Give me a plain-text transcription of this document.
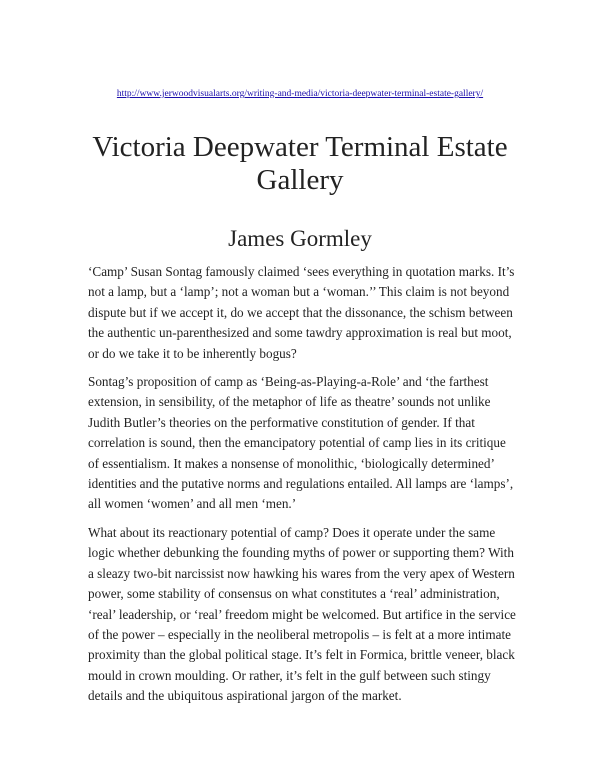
http://www.jerwoodvisualarts.org/writing-and-media/victoria-deepwater-terminal-estate-gallery/
Victoria Deepwater Terminal Estate Gallery
James Gormley

‘Camp’ Susan Sontag famously claimed ‘sees everything in quotation marks. It’s not a lamp, but a ‘lamp’; not a woman but a ‘woman.’’ This claim is not beyond dispute but if we accept it, do we accept that the dissonance, the schism between the authentic un-parenthesized and some tawdry approximation is real but moot, or do we take it to be inherently bogus?

Sontag’s proposition of camp as ‘Being-as-Playing-a-Role’ and ‘the farthest extension, in sensibility, of the metaphor of life as theatre’ sounds not unlike Judith Butler’s theories on the performative constitution of gender. If that correlation is sound, then the emancipatory potential of camp lies in its critique of essentialism. It makes a nonsense of monolithic, ‘biologically determined’ identities and the putative norms and regulations entailed. All lamps are ‘lamps’, all women ‘women’ and all men ‘men.’

What about its reactionary potential of camp? Does it operate under the same logic whether debunking the founding myths of power or supporting them? With a sleazy two-bit narcissist now hawking his wares from the very apex of Western power, some stability of consensus on what constitutes a ‘real’ administration, ‘real’ leadership, or ‘real’ freedom might be welcomed. But artifice in the service of the power – especially in the neoliberal metropolis – is felt at a more intimate proximity than the global political stage. It’s felt in Formica, brittle veneer, black mould in crown moulding. Or rather, it’s felt in the gulf between such stingy details and the ubiquitous aspirational jargon of the market.
